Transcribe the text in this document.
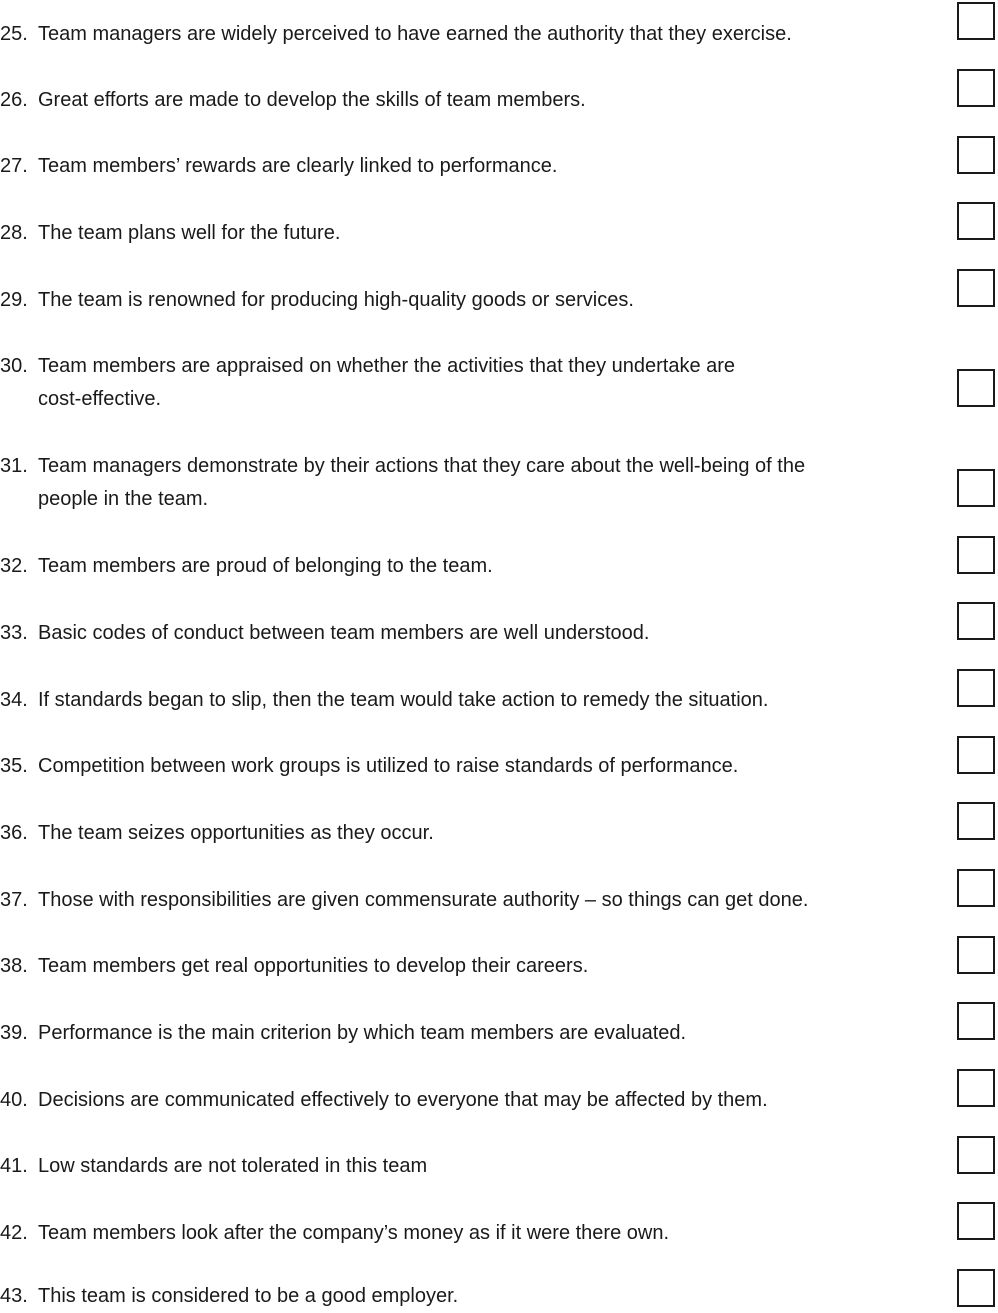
25. Team managers are widely perceived to have earned the authority that they exercise.
26. Great efforts are made to develop the skills of team members.
27. Team members’ rewards are clearly linked to performance.
28. The team plans well for the future.
29. The team is renowned for producing high-quality goods or services.
30. Team members are appraised on whether the activities that they undertake are
cost-effective.
31. Team managers demonstrate by their actions that they care about the well-being of the
people in the team.
32. Team members are proud of belonging to the team.
33. Basic codes of conduct between team members are well understood.
34. If standards began to slip, then the team would take action to remedy the situation.
35. Competition between work groups is utilized to raise standards of performance.
36. The team seizes opportunities as they occur.
37. Those with responsibilities are given commensurate authority – so things can get done.
38. Team members get real opportunities to develop their careers.
39. Performance is the main criterion by which team members are evaluated.
40. Decisions are communicated effectively to everyone that may be affected by them.
41. Low standards are not tolerated in this team
42. Team members look after the company’s money as if it were there own.
43. This team is considered to be a good employer.
